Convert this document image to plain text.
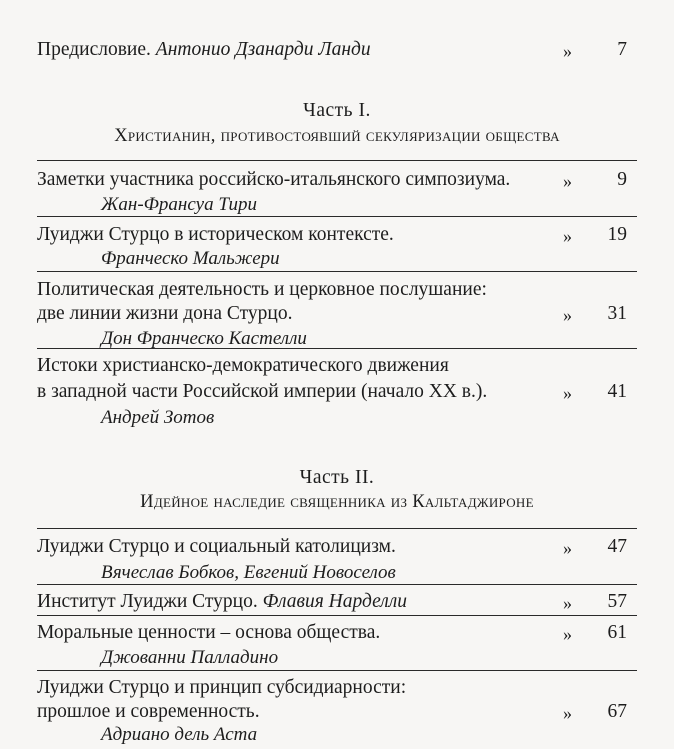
Предисловие. Антонио Дзанарди Ланди	» 7
Часть I.
Христианин, противостоявший секуляризации общества
Заметки участника российско-итальянского симпозиума.
Жан-Франсуа Тири
» 9
Луиджи Стурцо в историческом контексте.
Франческо Мальжери
» 19
Политическая деятельность и церковное послушание:
две линии жизни дона Стурцо.
Дон Франческо Кастелли
» 31
Истоки христианско-демократического движения
в западной части Российской империи (начало XX в.).
Андрей Зотов
» 41
Часть II.
Идейное наследие священника из Кальтаджироне
Луиджи Стурцо и социальный католицизм.
Вячеслав Бобков, Евгений Новоселов
» 47
Институт Луиджи Стурцо. Флавия Нарделли	» 57
Моральные ценности – основа общества.
Джованни Палладино
» 61
Луиджи Стурцо и принцип субсидиарности:
прошлое и современность.
Адриано дель Аста
» 67
